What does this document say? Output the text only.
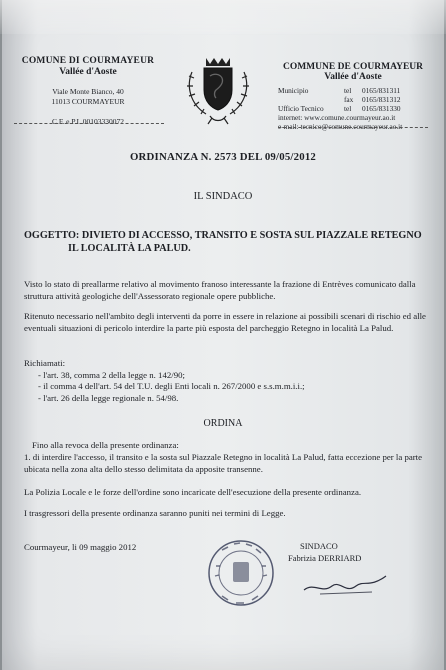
COMUNE DI COURMAYEUR
Vallée d'Aoste
Viale Monte Bianco, 40
11013 COURMAYEUR
C.F. e P.I. 00103330072
COMMUNE DE COURMAYEUR
Vallée d'Aoste
Municipio	tel	0165/831311
fax	0165/831312
Ufficio Tecnico	tel	0165/831330
internet: www.comune.courmayeur.ao.it
e-mail: tecnico@comune.courmayeur.ao.it
ORDINANZA N. 2573 DEL 09/05/2012
IL SINDACO
OGGETTO: DIVIETO DI ACCESSO, TRANSITO E SOSTA SUL PIAZZALE RETEGNO
IL LOCALITÀ LA PALUD.
Visto lo stato di preallarme relativo al movimento franoso interessante la frazione di Entrèves comunicato dalla struttura attività geologiche dell'Assessorato regionale opere pubbliche.
Ritenuto necessario nell'ambito degli interventi da porre in essere in relazione ai possibili scenari di rischio ed alle eventuali situazioni di pericolo interdire la parte più esposta del parcheggio Retegno in località La Palud.
Richiamati:
- l'art. 38, comma 2 della legge n. 142/90;
- il comma 4 dell'art. 54 del T.U. degli Enti locali n. 267/2000 e s.s.m.m.i.i.;
- l'art. 26 della legge regionale n. 54/98.
ORDINA
Fino alla revoca della presente ordinanza:
1. di interdire l'accesso, il transito e la sosta sul Piazzale Retegno in località La Palud, fatta eccezione per la parte ubicata nella zona alta dello stesso delimitata da apposite transenne.
La Polizia Locale e le forze dell'ordine sono incaricate dell'esecuzione della presente ordinanza.
I trasgressori della presente ordinanza saranno puniti nei termini di Legge.
Courmayeur, li 09 maggio 2012	SINDACO
Fabrizia DERRIARD
